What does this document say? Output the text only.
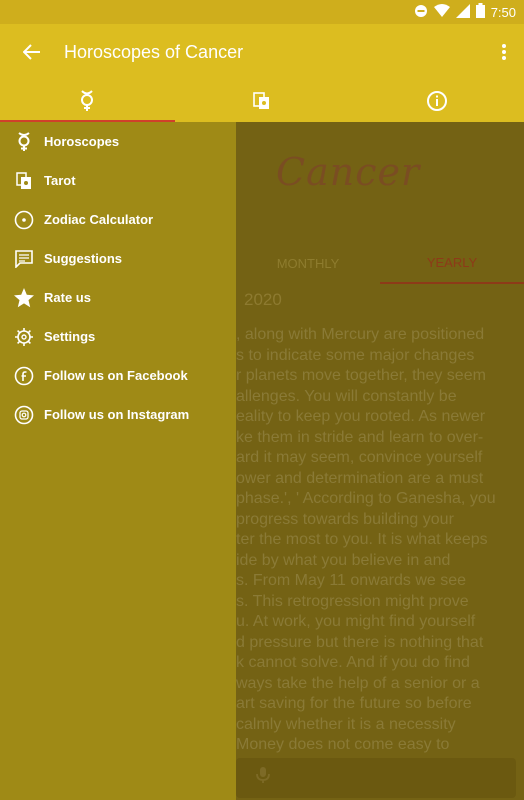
7:50
Horoscopes of Cancer
Cancer
MONTHLY	YEARLY
2020

, along with Mercury are positioned

s to indicate some major changes

r planets move together, they seem

allenges. You will constantly be

eality to keep you rooted. As newer

ke them in stride and learn to over-

ard it may seem, convince yourself

ower and determination are a must

phase.', ' According to Ganesha, you

progress towards building your

ter the most to you. It is what keeps

ide by what you believe in and

s. From May 11 onwards we see

s. This retrogression might prove

u. At work, you might find yourself

d pressure but there is nothing that

k cannot solve. And if you do find

ways take the help of a senior or a

art saving for the future so before

calmly whether it is a necessity

Money does not come easy to

Horoscopes
Tarot
Zodiac Calculator
Suggestions
Rate us
Settings
Follow us on Facebook
Follow us on Instagram
